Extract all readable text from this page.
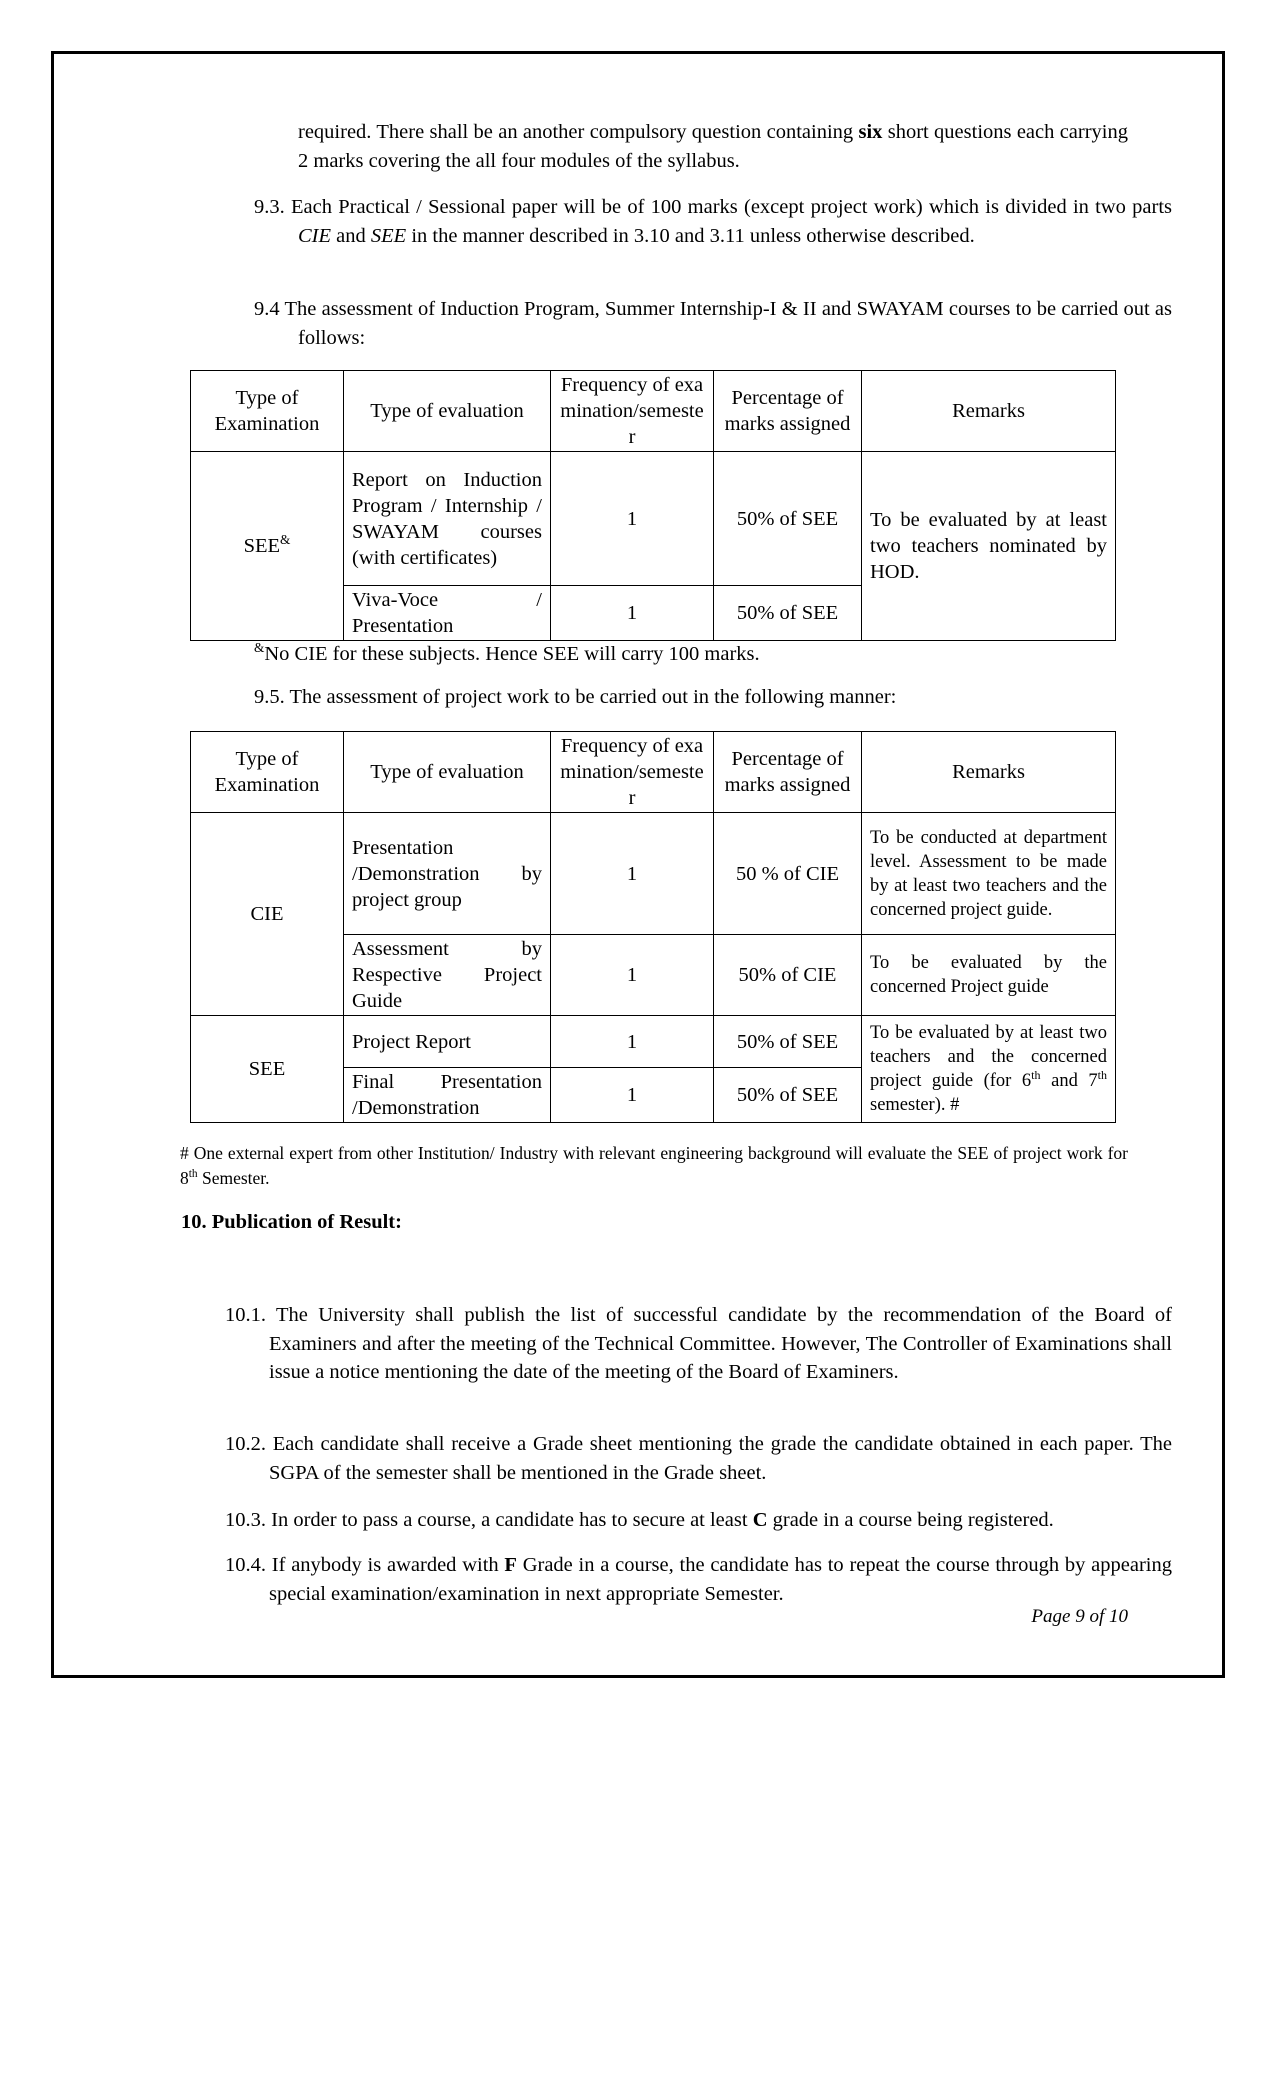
required. There shall be an another compulsory question containing six short questions each carrying 2 marks covering the all four modules of the syllabus.
9.3. Each Practical / Sessional paper will be of 100 marks (except project work) which is divided in two parts CIE and SEE in the manner described in 3.10 and 3.11 unless otherwise described.
9.4 The assessment of Induction Program, Summer Internship-I & II and SWAYAM courses to be carried out as follows:
Type of Examination	Type of evaluation	Frequency of examination/semester	Percentage of marks assigned	Remarks
SEE&	Report on Induction Program / Internship / SWAYAM courses (with certificates)	1	50% of SEE	To be evaluated by at least two teachers nominated by HOD.
	Viva-Voce / Presentation	1	50% of SEE	
&No CIE for these subjects. Hence SEE will carry 100 marks.
9.5. The assessment of project work to be carried out in the following manner:
Type of Examination	Type of evaluation	Frequency of examination/semester	Percentage of marks assigned	Remarks
CIE	Presentation /Demonstration by project group	1	50 % of CIE	To be conducted at department level. Assessment to be made by at least two teachers and the concerned project guide.
	Assessment by Respective Project Guide	1	50% of CIE	To be evaluated by the concerned Project guide
SEE	Project Report	1	50% of SEE	To be evaluated by at least two teachers and the concerned project guide (for 6th and 7th semester). #
	Final Presentation /Demonstration	1	50% of SEE	
# One external expert from other Institution/ Industry with relevant engineering background will evaluate the SEE of project work for 8th Semester.
10. Publication of Result:
10.1. The University shall publish the list of successful candidate by the recommendation of the Board of Examiners and after the meeting of the Technical Committee. However, The Controller of Examinations shall issue a notice mentioning the date of the meeting of the Board of Examiners.
10.2. Each candidate shall receive a Grade sheet mentioning the grade the candidate obtained in each paper. The SGPA of the semester shall be mentioned in the Grade sheet.
10.3. In order to pass a course, a candidate has to secure at least C grade in a course being registered.
10.4. If anybody is awarded with F Grade in a course, the candidate has to repeat the course through by appearing special examination/examination in next appropriate Semester.
Page 9 of 10
